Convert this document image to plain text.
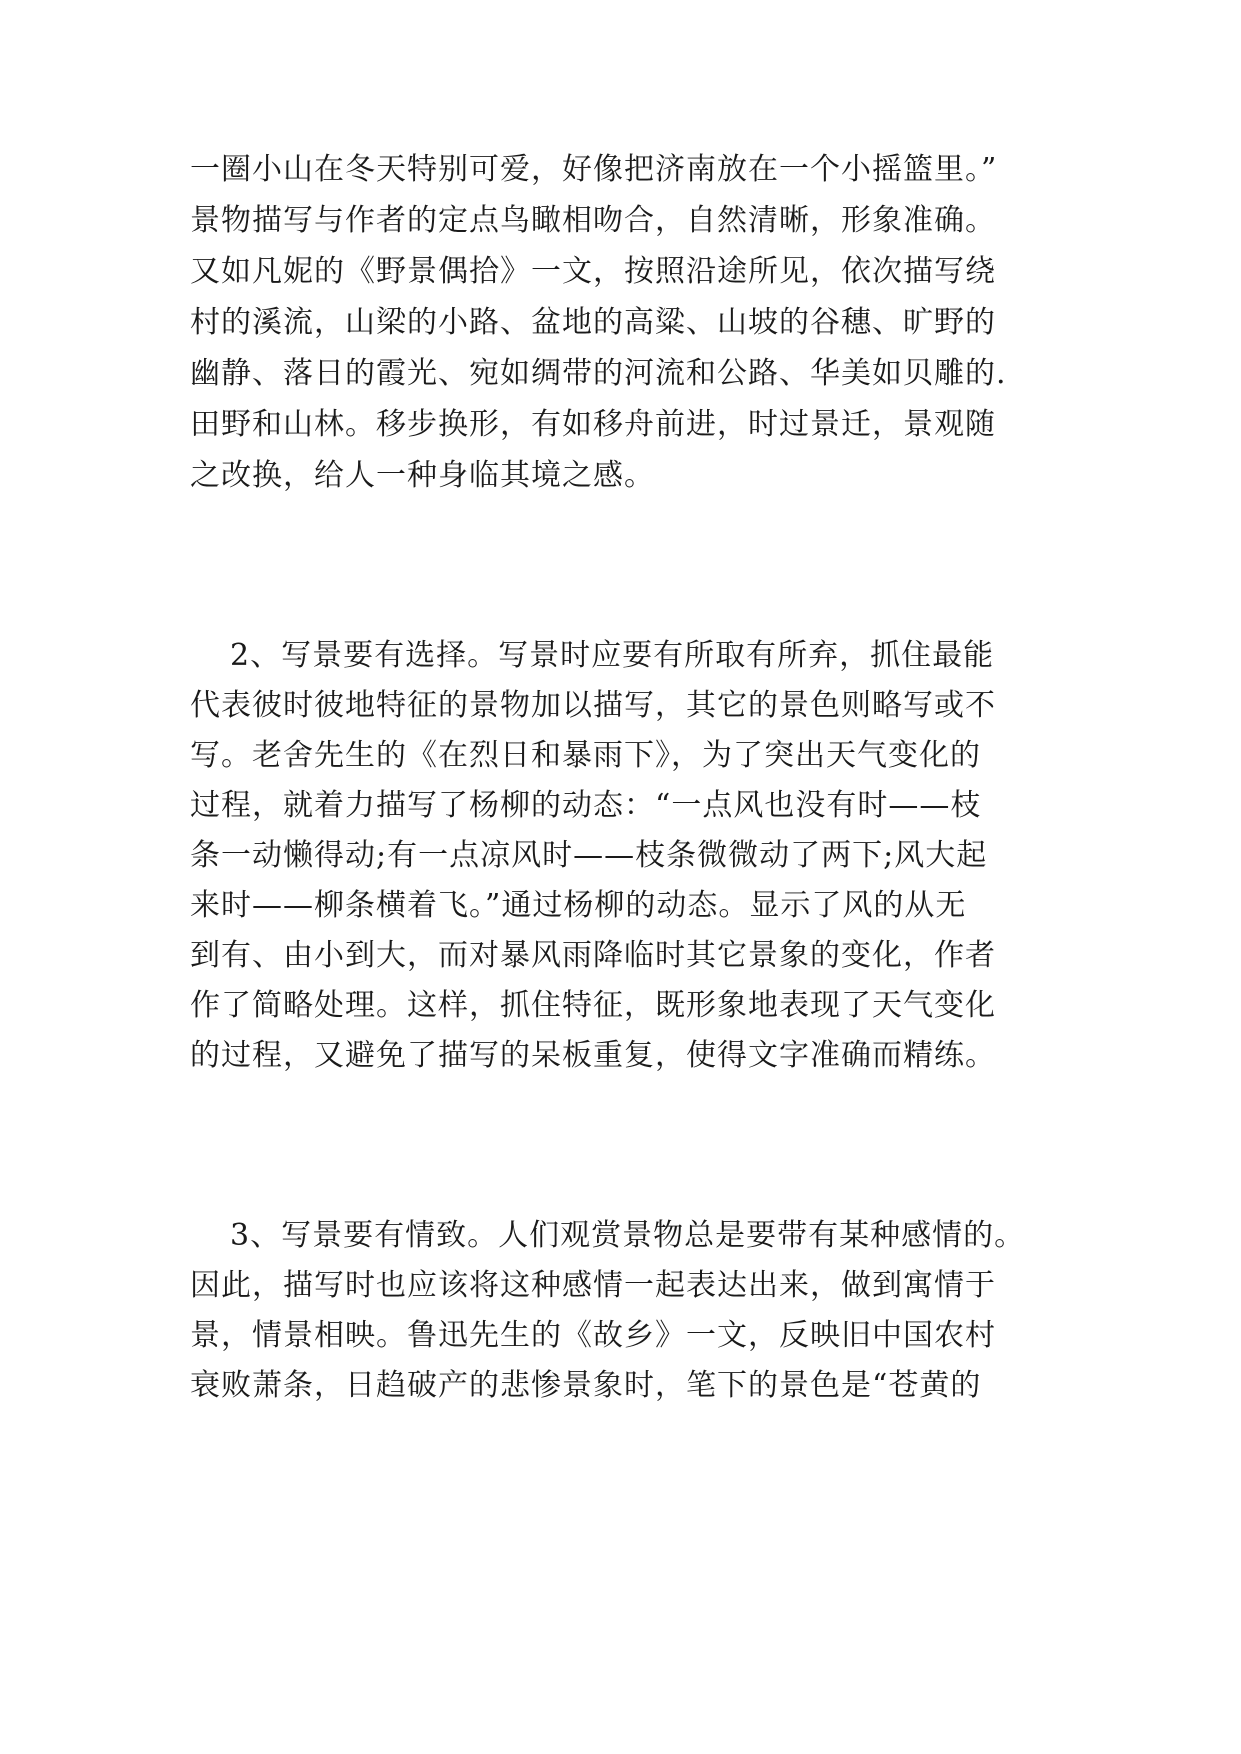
一圈小山在冬天特别可爱，好像把济南放在一个小摇篮里。”
景物描写与作者的定点鸟瞰相吻合，自然清晰，形象准确。
又如凡妮的《野景偶拾》一文，按照沿途所见，依次描写绕
村的溪流，山梁的小路、盆地的高粱、山坡的谷穗、旷野的
幽静、落日的霞光、宛如绸带的河流和公路、华美如贝雕的.
田野和山林。移步换形，有如移舟前进，时过景迁，景观随
之改换，给人一种身临其境之感。
2、写景要有选择。写景时应要有所取有所弃，抓住最能
代表彼时彼地特征的景物加以描写，其它的景色则略写或不
写。老舍先生的《在烈日和暴雨下》，为了突出天气变化的
过程，就着力描写了杨柳的动态：“一点风也没有时——枝
条一动懒得动;有一点凉风时——枝条微微动了两下;风大起
来时——柳条横着飞。”通过杨柳的动态。显示了风的从无
到有、由小到大，而对暴风雨降临时其它景象的变化，作者
作了简略处理。这样，抓住特征，既形象地表现了天气变化
的过程，又避免了描写的呆板重复，使得文字准确而精练。
3、写景要有情致。人们观赏景物总是要带有某种感情的。
因此，描写时也应该将这种感情一起表达出来，做到寓情于
景，情景相映。鲁迅先生的《故乡》一文，反映旧中国农村
衰败萧条，日趋破产的悲惨景象时，笔下的景色是“苍黄的
